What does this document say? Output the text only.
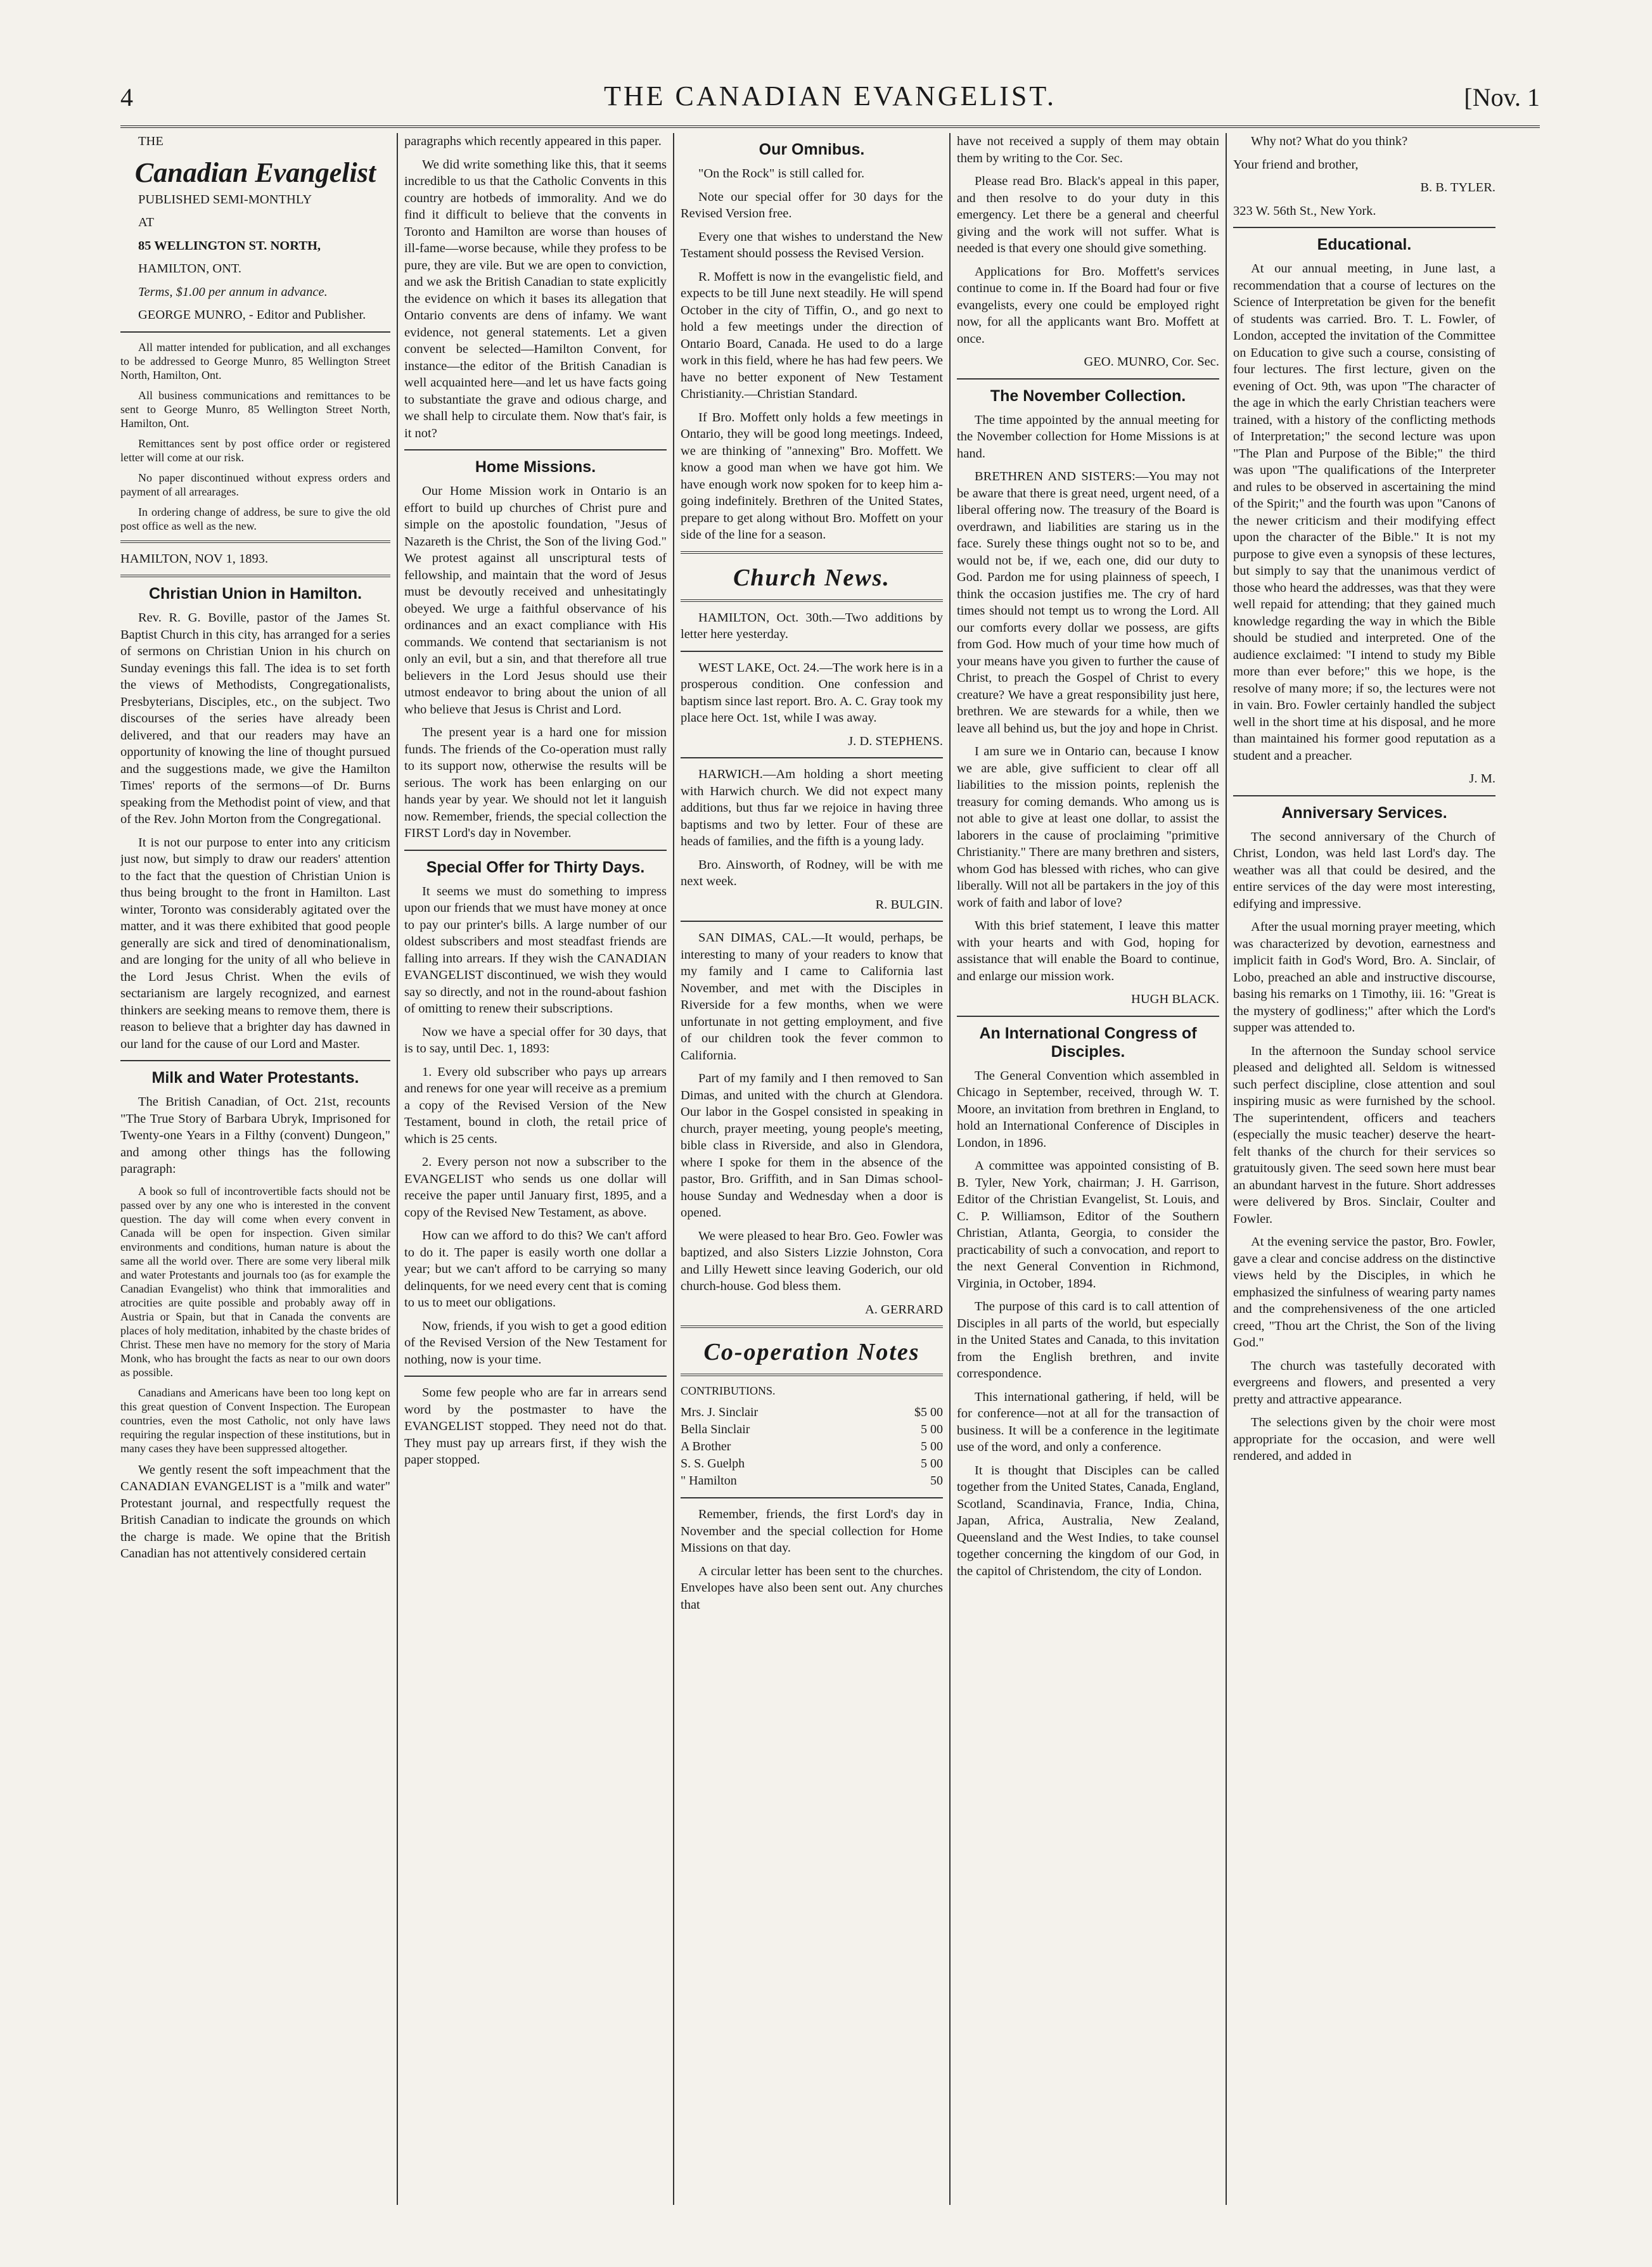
4	THE CANADIAN EVANGELIST.	[Nov. 1

THE

Canadian Evangelist

PUBLISHED SEMI-MONTHLY

AT

85 WELLINGTON ST. NORTH,

HAMILTON, ONT.

Terms, $1.00 per annum in advance.

GEORGE MUNRO, - Editor and Publisher.

All matter intended for publication, and all exchanges to be addressed to George Munro, 85 Wellington Street North, Hamilton, Ont.

All business communications and remittances to be sent to George Munro, 85 Wellington Street North, Hamilton, Ont.

Remittances sent by post office order or registered letter will come at our risk.

No paper discontinued without express orders and payment of all arrearages.

In ordering change of address, be sure to give the old post office as well as the new.

HAMILTON, NOV 1, 1893.

Christian Union in Hamilton.

Rev. R. G. Boville, pastor of the James St. Baptist Church in this city, has arranged for a series of sermons on Christian Union in his church on Sunday evenings this fall. The idea is to set forth the views of Methodists, Congregationalists, Presbyterians, Disciples, etc., on the subject. Two discourses of the series have already been delivered, and that our readers may have an opportunity of knowing the line of thought pursued and the suggestions made, we give the Hamilton Times' reports of the sermons—of Dr. Burns speaking from the Methodist point of view, and that of the Rev. John Morton from the Congregational.

It is not our purpose to enter into any criticism just now, but simply to draw our readers' attention to the fact that the question of Christian Union is thus being brought to the front in Hamilton. Last winter, Toronto was considerably agitated over the matter, and it was there exhibited that good people generally are sick and tired of denominationalism, and are longing for the unity of all who believe in the Lord Jesus Christ. When the evils of sectarianism are largely recognized, and earnest thinkers are seeking means to remove them, there is reason to believe that a brighter day has dawned in our land for the cause of our Lord and Master.

Milk and Water Protestants.

The British Canadian, of Oct. 21st, recounts "The True Story of Barbara Ubryk, Imprisoned for Twenty-one Years in a Filthy (convent) Dungeon," and among other things has the following paragraph:

A book so full of incontrovertible facts should not be passed over by any one who is interested in the convent question. The day will come when every convent in Canada will be open for inspection. Given similar environments and conditions, human nature is about the same all the world over. There are some very liberal milk and water Protestants and journals too (as for example the Canadian Evangelist) who think that immoralities and atrocities are quite possible and probably away off in Austria or Spain, but that in Canada the convents are places of holy meditation, inhabited by the chaste brides of Christ. These men have no memory for the story of Maria Monk, who has brought the facts as near to our own doors as possible.

Canadians and Americans have been too long kept on this great question of Convent Inspection. The European countries, even the most Catholic, not only have laws requiring the regular inspection of these institutions, but in many cases they have been suppressed altogether.

We gently resent the soft impeachment that the CANADIAN EVANGELIST is a "milk and water" Protestant journal, and respectfully request the British Canadian to indicate the grounds on which the charge is made. We opine that the British Canadian has not attentively considered certain

paragraphs which recently appeared in this paper.

We did write something like this, that it seems incredible to us that the Catholic Convents in this country are hotbeds of immorality. And we do find it difficult to believe that the convents in Toronto and Hamilton are worse than houses of ill-fame—worse because, while they profess to be pure, they are vile. But we are open to conviction, and we ask the British Canadian to state explicitly the evidence on which it bases its allegation that Ontario convents are dens of infamy. We want evidence, not general statements. Let a given convent be selected—Hamilton Convent, for instance—the editor of the British Canadian is well acquainted here—and let us have facts going to substantiate the grave and odious charge, and we shall help to circulate them. Now that's fair, is it not?

Home Missions.

Our Home Mission work in Ontario is an effort to build up churches of Christ pure and simple on the apostolic foundation, "Jesus of Nazareth is the Christ, the Son of the living God." We protest against all unscriptural tests of fellowship, and maintain that the word of Jesus must be devoutly received and unhesitatingly obeyed. We urge a faithful observance of his ordinances and an exact compliance with His commands. We contend that sectarianism is not only an evil, but a sin, and that therefore all true believers in the Lord Jesus should use their utmost endeavor to bring about the union of all who believe that Jesus is Christ and Lord.

The present year is a hard one for mission funds. The friends of the Co-operation must rally to its support now, otherwise the results will be serious. The work has been enlarging on our hands year by year. We should not let it languish now. Remember, friends, the special collection the FIRST Lord's day in November.

Special Offer for Thirty Days.

It seems we must do something to impress upon our friends that we must have money at once to pay our printer's bills. A large number of our oldest subscribers and most steadfast friends are falling into arrears. If they wish the CANADIAN EVANGELIST discontinued, we wish they would say so directly, and not in the round-about fashion of omitting to renew their subscriptions.

Now we have a special offer for 30 days, that is to say, until Dec. 1, 1893:

1. Every old subscriber who pays up arrears and renews for one year will receive as a premium a copy of the Revised Version of the New Testament, bound in cloth, the retail price of which is 25 cents.

2. Every person not now a subscriber to the EVANGELIST who sends us one dollar will receive the paper until January first, 1895, and a copy of the Revised New Testament, as above.

How can we afford to do this? We can't afford to do it. The paper is easily worth one dollar a year; but we can't afford to be carrying so many delinquents, for we need every cent that is coming to us to meet our obligations.

Now, friends, if you wish to get a good edition of the Revised Version of the New Testament for nothing, now is your time.

Some few people who are far in arrears send word by the postmaster to have the EVANGELIST stopped. They need not do that. They must pay up arrears first, if they wish the paper stopped.

Our Omnibus.

"On the Rock" is still called for.

Note our special offer for 30 days for the Revised Version free.

Every one that wishes to understand the New Testament should possess the Revised Version.

R. Moffett is now in the evangelistic field, and expects to be till June next steadily. He will spend October in the city of Tiffin, O., and go next to hold a few meetings under the direction of Ontario Board, Canada. He used to do a large work in this field, where he has had few peers. We have no better exponent of New Testament Christianity.—Christian Standard.

If Bro. Moffett only holds a few meetings in Ontario, they will be good long meetings. Indeed, we are thinking of "annexing" Bro. Moffett. We know a good man when we have got him. We have enough work now spoken for to keep him a-going indefinitely. Brethren of the United States, prepare to get along without Bro. Moffett on your side of the line for a season.

Church News.

HAMILTON, Oct. 30th.—Two additions by letter here yesterday.

WEST LAKE, Oct. 24.—The work here is in a prosperous condition. One confession and baptism since last report. Bro. A. C. Gray took my place here Oct. 1st, while I was away.

J. D. STEPHENS.

HARWICH.—Am holding a short meeting with Harwich church. We did not expect many additions, but thus far we rejoice in having three baptisms and two by letter. Four of these are heads of families, and the fifth is a young lady.

Bro. Ainsworth, of Rodney, will be with me next week.

R. BULGIN.

SAN DIMAS, CAL.—It would, perhaps, be interesting to many of your readers to know that my family and I came to California last November, and met with the Disciples in Riverside for a few months, when we were unfortunate in not getting employment, and five of our children took the fever common to California.

Part of my family and I then removed to San Dimas, and united with the church at Glendora. Our labor in the Gospel consisted in speaking in church, prayer meeting, young people's meeting, bible class in Riverside, and also in Glendora, where I spoke for them in the absence of the pastor, Bro. Griffith, and in San Dimas school-house Sunday and Wednesday when a door is opened.

We were pleased to hear Bro. Geo. Fowler was baptized, and also Sisters Lizzie Johnston, Cora and Lilly Hewett since leaving Goderich, our old church-house. God bless them.

A. GERRARD

Co-operation Notes

CONTRIBUTIONS.

Mrs. J. Sinclair	$5 00
Bella Sinclair	5 00
A Brother	5 00
S. S. Guelph	5 00
" Hamilton	50

Remember, friends, the first Lord's day in November and the special collection for Home Missions on that day.

A circular letter has been sent to the churches. Envelopes have also been sent out. Any churches that

have not received a supply of them may obtain them by writing to the Cor. Sec.

Please read Bro. Black's appeal in this paper, and then resolve to do your duty in this emergency. Let there be a general and cheerful giving and the work will not suffer. What is needed is that every one should give something.

Applications for Bro. Moffett's services continue to come in. If the Board had four or five evangelists, every one could be employed right now, for all the applicants want Bro. Moffett at once.

GEO. MUNRO, Cor. Sec.

The November Collection.

The time appointed by the annual meeting for the November collection for Home Missions is at hand.

BRETHREN AND SISTERS:—You may not be aware that there is great need, urgent need, of a liberal offering now. The treasury of the Board is overdrawn, and liabilities are staring us in the face. Surely these things ought not so to be, and would not be, if we, each one, did our duty to God. Pardon me for using plainness of speech, I think the occasion justifies me. The cry of hard times should not tempt us to wrong the Lord. All our comforts every dollar we possess, are gifts from God. How much of your time how much of your means have you given to further the cause of Christ, to preach the Gospel of Christ to every creature? We have a great responsibility just here, brethren. We are stewards for a while, then we leave all behind us, but the joy and hope in Christ.

I am sure we in Ontario can, because I know we are able, give sufficient to clear off all liabilities to the mission points, replenish the treasury for coming demands. Who among us is not able to give at least one dollar, to assist the laborers in the cause of proclaiming "primitive Christianity." There are many brethren and sisters, whom God has blessed with riches, who can give liberally. Will not all be partakers in the joy of this work of faith and labor of love?

With this brief statement, I leave this matter with your hearts and with God, hoping for assistance that will enable the Board to continue, and enlarge our mission work.

HUGH BLACK.

An International Congress of Disciples.

The General Convention which assembled in Chicago in September, received, through W. T. Moore, an invitation from brethren in England, to hold an International Conference of Disciples in London, in 1896.

A committee was appointed consisting of B. B. Tyler, New York, chairman; J. H. Garrison, Editor of the Christian Evangelist, St. Louis, and C. P. Williamson, Editor of the Southern Christian, Atlanta, Georgia, to consider the practicability of such a convocation, and report to the next General Convention in Richmond, Virginia, in October, 1894.

The purpose of this card is to call attention of Disciples in all parts of the world, but especially in the United States and Canada, to this invitation from the English brethren, and invite correspondence.

This international gathering, if held, will be for conference—not at all for the transaction of business. It will be a conference in the legitimate use of the word, and only a conference.

It is thought that Disciples can be called together from the United States, Canada, England, Scotland, Scandinavia, France, India, China, Japan, Africa, Australia, New Zealand, Queensland and the West Indies, to take counsel together concerning the kingdom of our God, in the capitol of Christendom, the city of London.

Why not? What do you think?

Your friend and brother,

B. B. TYLER.

323 W. 56th St., New York.

Educational.

At our annual meeting, in June last, a recommendation that a course of lectures on the Science of Interpretation be given for the benefit of students was carried. Bro. T. L. Fowler, of London, accepted the invitation of the Committee on Education to give such a course, consisting of four lectures. The first lecture, given on the evening of Oct. 9th, was upon "The character of the age in which the early Christian teachers were trained, with a history of the conflicting methods of Interpretation;" the second lecture was upon "The Plan and Purpose of the Bible;" the third was upon "The qualifications of the Interpreter and rules to be observed in ascertaining the mind of the Spirit;" and the fourth was upon "Canons of the newer criticism and their modifying effect upon the character of the Bible." It is not my purpose to give even a synopsis of these lectures, but simply to say that the unanimous verdict of those who heard the addresses, was that they were well repaid for attending; that they gained much knowledge regarding the way in which the Bible should be studied and interpreted. One of the audience exclaimed: "I intend to study my Bible more than ever before;" this we hope, is the resolve of many more; if so, the lectures were not in vain. Bro. Fowler certainly handled the subject well in the short time at his disposal, and he more than maintained his former good reputation as a student and a preacher.

J. M.

Anniversary Services.

The second anniversary of the Church of Christ, London, was held last Lord's day. The weather was all that could be desired, and the entire services of the day were most interesting, edifying and impressive.

After the usual morning prayer meeting, which was characterized by devotion, earnestness and implicit faith in God's Word, Bro. A. Sinclair, of Lobo, preached an able and instructive discourse, basing his remarks on 1 Timothy, iii. 16: "Great is the mystery of godliness;" after which the Lord's supper was attended to.

In the afternoon the Sunday school service pleased and delighted all. Seldom is witnessed such perfect discipline, close attention and soul inspiring music as were furnished by the school. The superintendent, officers and teachers (especially the music teacher) deserve the heart-felt thanks of the church for their services so gratuitously given. The seed sown here must bear an abundant harvest in the future. Short addresses were delivered by Bros. Sinclair, Coulter and Fowler.

At the evening service the pastor, Bro. Fowler, gave a clear and concise address on the distinctive views held by the Disciples, in which he emphasized the sinfulness of wearing party names and the comprehensiveness of the one articled creed, "Thou art the Christ, the Son of the living God."

The church was tastefully decorated with evergreens and flowers, and presented a very pretty and attractive appearance.

The selections given by the choir were most appropriate for the occasion, and were well rendered, and added in
